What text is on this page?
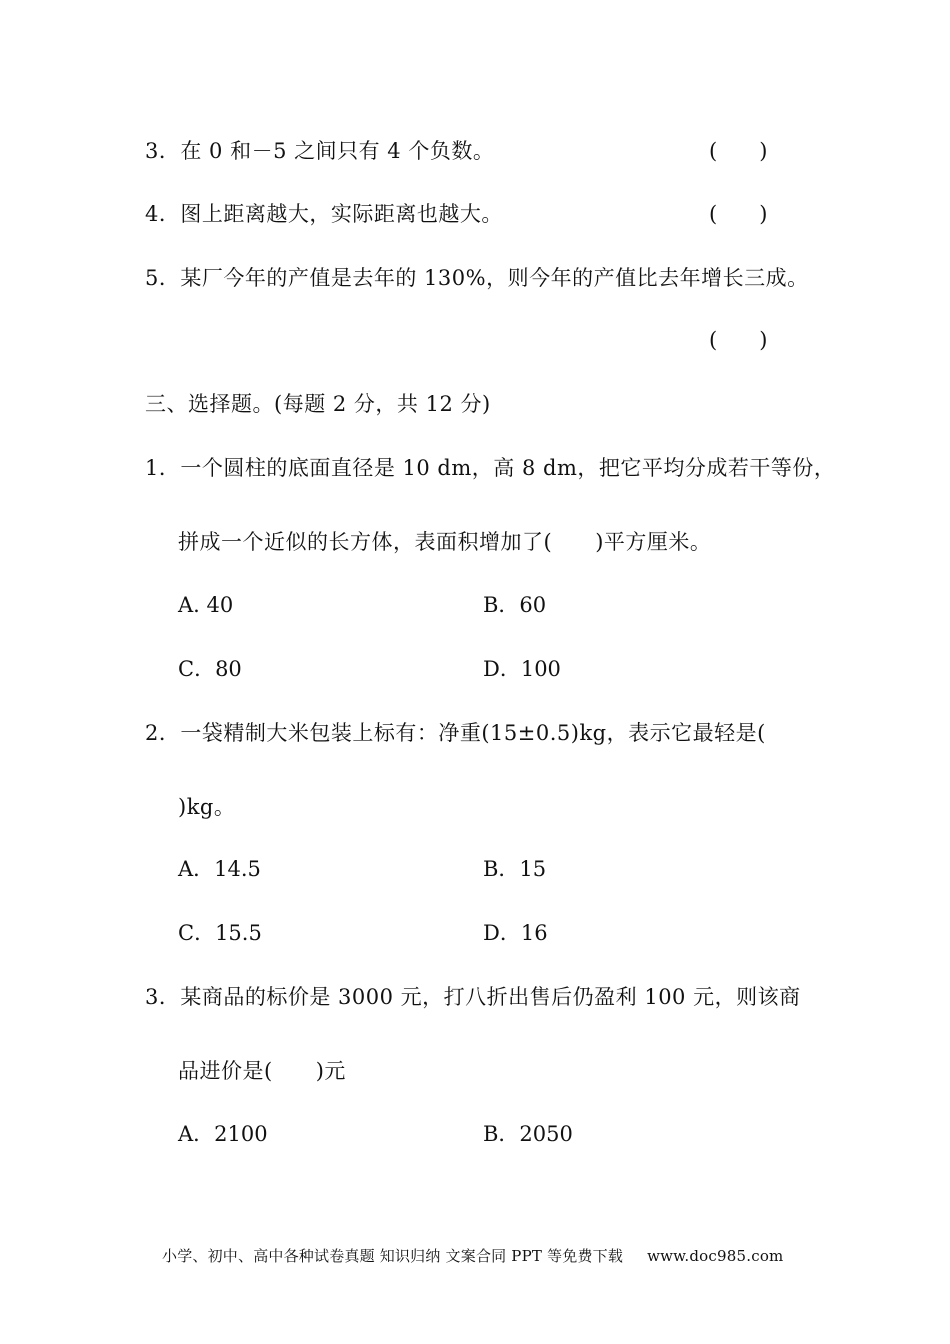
3．在 0 和－5 之间只有 4 个负数。	(　　)
4．图上距离越大，实际距离也越大。	(　　)
5．某厂今年的产值是去年的 130%，则今年的产值比去年增长三成。
(　　)
三、选择题。(每题 2 分，共 12 分)
1．一个圆柱的底面直径是 10 dm，高 8 dm，把它平均分成若干等份，
拼成一个近似的长方体，表面积增加了(　　)平方厘米。
A. 40	B．60
C．80	D．100
2．一袋精制大米包装上标有：净重(15±0.5)kg，表示它最轻是(
)kg。
A．14.5	B．15
C．15.5	D．16
3．某商品的标价是 3000 元，打八折出售后仍盈利 100 元，则该商
品进价是(　　)元
A．2100	B．2050
小学、初中、高中各种试卷真题 知识归纳 文案合同 PPT 等免费下载 www.doc985.com
